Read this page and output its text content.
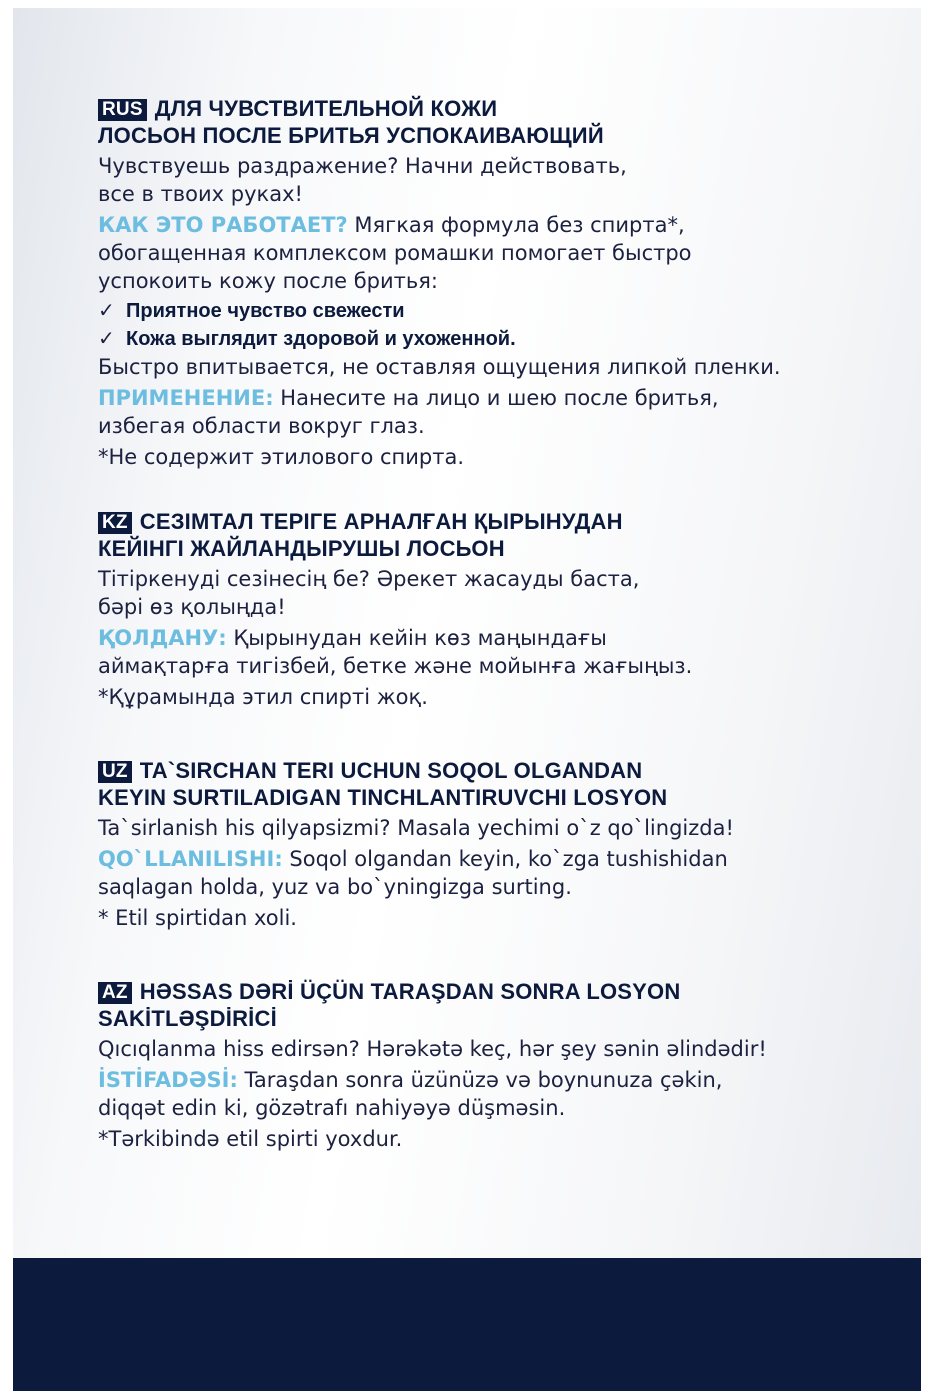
RUS ДЛЯ ЧУВСТВИТЕЛЬНОЙ КОЖИ
ЛОСЬОН ПОСЛЕ БРИТЬЯ УСПОКАИВАЮЩИЙ
Чувствуешь раздражение? Начни действовать,
все в твоих руках!
КАК ЭТО РАБОТАЕТ? Мягкая формула без спирта*,
обогащенная комплексом ромашки помогает быстро
успокоить кожу после бритья:
✓ Приятное чувство свежести
✓ Кожа выглядит здоровой и ухоженной.
Быстро впитывается, не оставляя ощущения липкой пленки.
ПРИМЕНЕНИЕ: Нанесите на лицо и шею после бритья,
избегая области вокруг глаз.
*Не содержит этилового спирта.
KZ СЕЗІМТАЛ ТЕРІГЕ АРНАЛҒАН ҚЫРЫНУДАН
КЕЙІНГІ ЖАЙЛАНДЫРУШЫ ЛОСЬОН
Тітіркенуді сезінесің бе? Әрекет жасауды баста,
бәрі өз қолыңда!
ҚОЛДАНУ: Қырынудан кейін көз маңындағы
аймақтарға тигізбей, бетке және мойынға жағыңыз.
*Құрамында этил спирті жоқ.
UZ TA`SIRCHAN TERI UCHUN SOQOL OLGANDAN
KEYIN SURTILADIGAN TINCHLANTIRUVCHI LOSYON
Ta`sirlanish his qilyapsizmi? Masala yechimi o`z qo`lingizda!
QO`LLANILISHI: Soqol olgandan keyin, ko`zga tushishidan
saqlagan holda, yuz va bo`yningizga surting.
* Etil spirtidan xoli.
AZ HƏSSAS DƏRİ ÜÇÜN TARAŞDAN SONRA LOSYON
SAKİTLƏŞDİRİCİ
Qıcıqlanma hiss edirsən? Hərəkətə keç, hər şey sənin əlindədir!
İSTİFADƏSİ: Taraşdan sonra üzünüzə və boynunuza çəkin,
diqqət edin ki, gözətrafı nahiyəyə düşməsin.
*Tərkibində etil spirti yoxdur.
